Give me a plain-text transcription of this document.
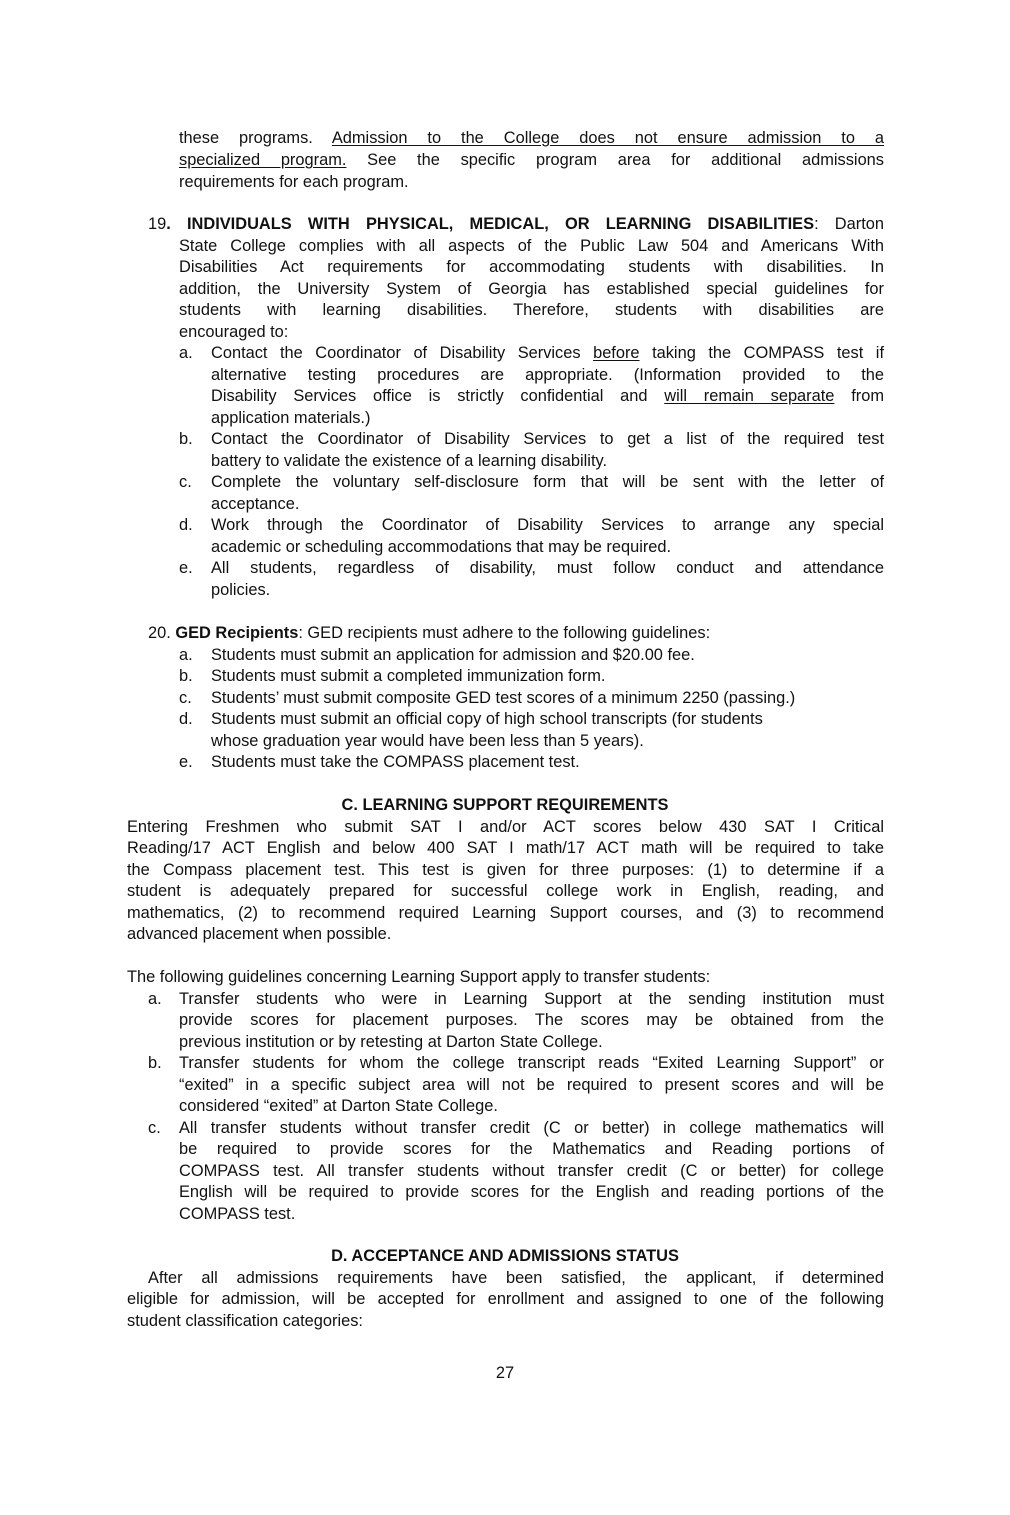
these programs. Admission to the College does not ensure admission to a
specialized program. See the specific program area for additional admissions
requirements for each program.
19. INDIVIDUALS WITH PHYSICAL, MEDICAL, OR LEARNING DISABILITIES: Darton
State College complies with all aspects of the Public Law 504 and Americans With
Disabilities Act requirements for accommodating students with disabilities. In
addition, the University System of Georgia has established special guidelines for
students with learning disabilities. Therefore, students with disabilities are
encouraged to:
a. Contact the Coordinator of Disability Services before taking the COMPASS test if
alternative testing procedures are appropriate. (Information provided to the
Disability Services office is strictly confidential and will remain separate from
application materials.)
b. Contact the Coordinator of Disability Services to get a list of the required test
battery to validate the existence of a learning disability.
c. Complete the voluntary self-disclosure form that will be sent with the letter of
acceptance.
d. Work through the Coordinator of Disability Services to arrange any special
academic or scheduling accommodations that may be required.
e. All students, regardless of disability, must follow conduct and attendance
policies.
20. GED Recipients: GED recipients must adhere to the following guidelines:
a. Students must submit an application for admission and $20.00 fee.
b. Students must submit a completed immunization form.
c. Students’ must submit composite GED test scores of a minimum 2250 (passing.)
d. Students must submit an official copy of high school transcripts (for students
whose graduation year would have been less than 5 years).
e. Students must take the COMPASS placement test.
C. LEARNING SUPPORT REQUIREMENTS
Entering Freshmen who submit SAT I and/or ACT scores below 430 SAT I Critical
Reading/17 ACT English and below 400 SAT I math/17 ACT math will be required to take
the Compass placement test. This test is given for three purposes: (1) to determine if a
student is adequately prepared for successful college work in English, reading, and
mathematics, (2) to recommend required Learning Support courses, and (3) to recommend
advanced placement when possible.
The following guidelines concerning Learning Support apply to transfer students:
a. Transfer students who were in Learning Support at the sending institution must
provide scores for placement purposes. The scores may be obtained from the
previous institution or by retesting at Darton State College.
b. Transfer students for whom the college transcript reads “Exited Learning Support” or
“exited” in a specific subject area will not be required to present scores and will be
considered “exited” at Darton State College.
c. All transfer students without transfer credit (C or better) in college mathematics will
be required to provide scores for the Mathematics and Reading portions of
COMPASS test. All transfer students without transfer credit (C or better) for college
English will be required to provide scores for the English and reading portions of the
COMPASS test.
D. ACCEPTANCE AND ADMISSIONS STATUS
After all admissions requirements have been satisfied, the applicant, if determined
eligible for admission, will be accepted for enrollment and assigned to one of the following
student classification categories:
27
